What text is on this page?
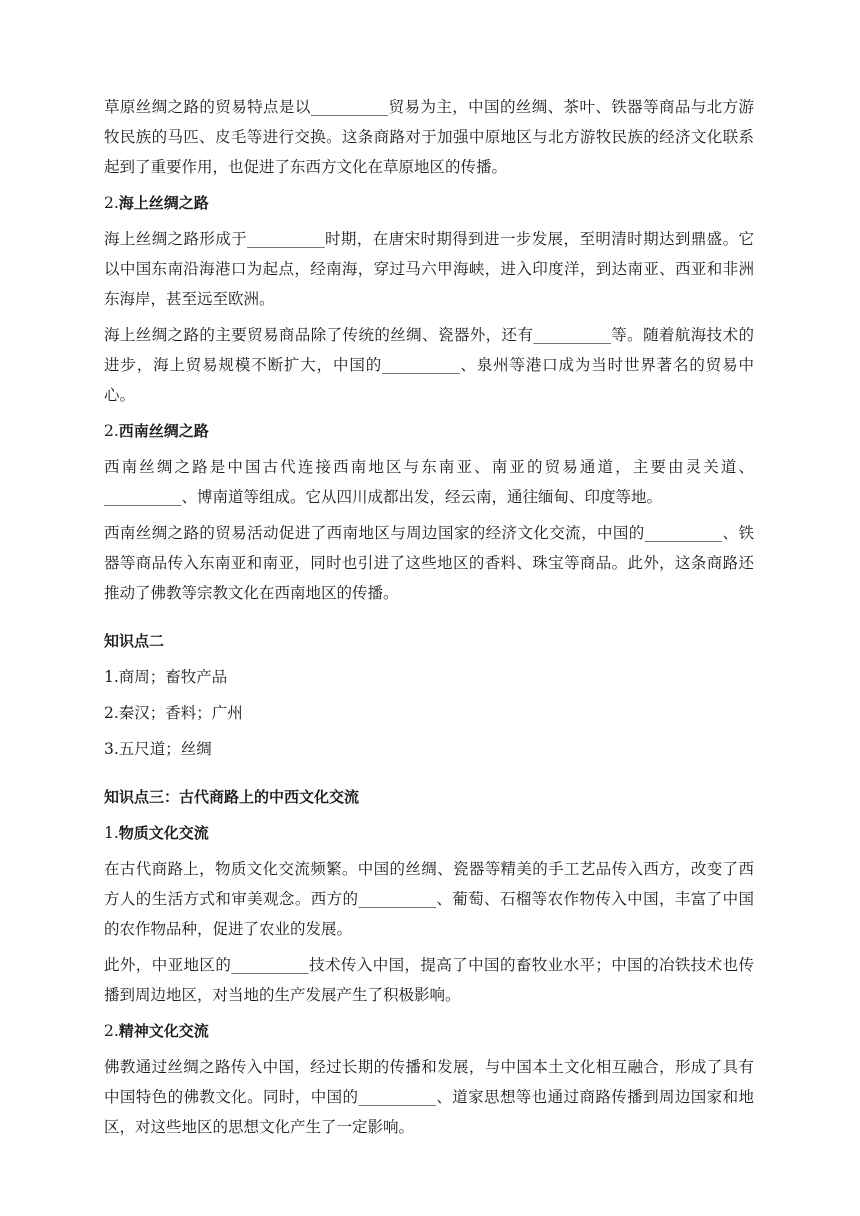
草原丝绸之路的贸易特点是以__________贸易为主，中国的丝绸、茶叶、铁器等商品与北方游牧民族的马匹、皮毛等进行交换。这条商路对于加强中原地区与北方游牧民族的经济文化联系起到了重要作用，也促进了东西方文化在草原地区的传播。

2.海上丝绸之路

海上丝绸之路形成于__________时期，在唐宋时期得到进一步发展，至明清时期达到鼎盛。它以中国东南沿海港口为起点，经南海，穿过马六甲海峡，进入印度洋，到达南亚、西亚和非洲东海岸，甚至远至欧洲。

海上丝绸之路的主要贸易商品除了传统的丝绸、瓷器外，还有__________等。随着航海技术的进步，海上贸易规模不断扩大，中国的__________、泉州等港口成为当时世界著名的贸易中心。

2.西南丝绸之路

西南丝绸之路是中国古代连接西南地区与东南亚、南亚的贸易通道，主要由灵关道、__________、博南道等组成。它从四川成都出发，经云南，通往缅甸、印度等地。

西南丝绸之路的贸易活动促进了西南地区与周边国家的经济文化交流，中国的__________、铁器等商品传入东南亚和南亚，同时也引进了这些地区的香料、珠宝等商品。此外，这条商路还推动了佛教等宗教文化在西南地区的传播。

知识点二

1.商周；畜牧产品

2.秦汉；香料；广州

3.五尺道；丝绸

知识点三：古代商路上的中西文化交流

1.物质文化交流

在古代商路上，物质文化交流频繁。中国的丝绸、瓷器等精美的手工艺品传入西方，改变了西方人的生活方式和审美观念。西方的__________、葡萄、石榴等农作物传入中国，丰富了中国的农作物品种，促进了农业的发展。

此外，中亚地区的__________技术传入中国，提高了中国的畜牧业水平；中国的冶铁技术也传播到周边地区，对当地的生产发展产生了积极影响。

2.精神文化交流

佛教通过丝绸之路传入中国，经过长期的传播和发展，与中国本土文化相互融合，形成了具有中国特色的佛教文化。同时，中国的__________、道家思想等也通过商路传播到周边国家和地区，对这些地区的思想文化产生了一定影响。
